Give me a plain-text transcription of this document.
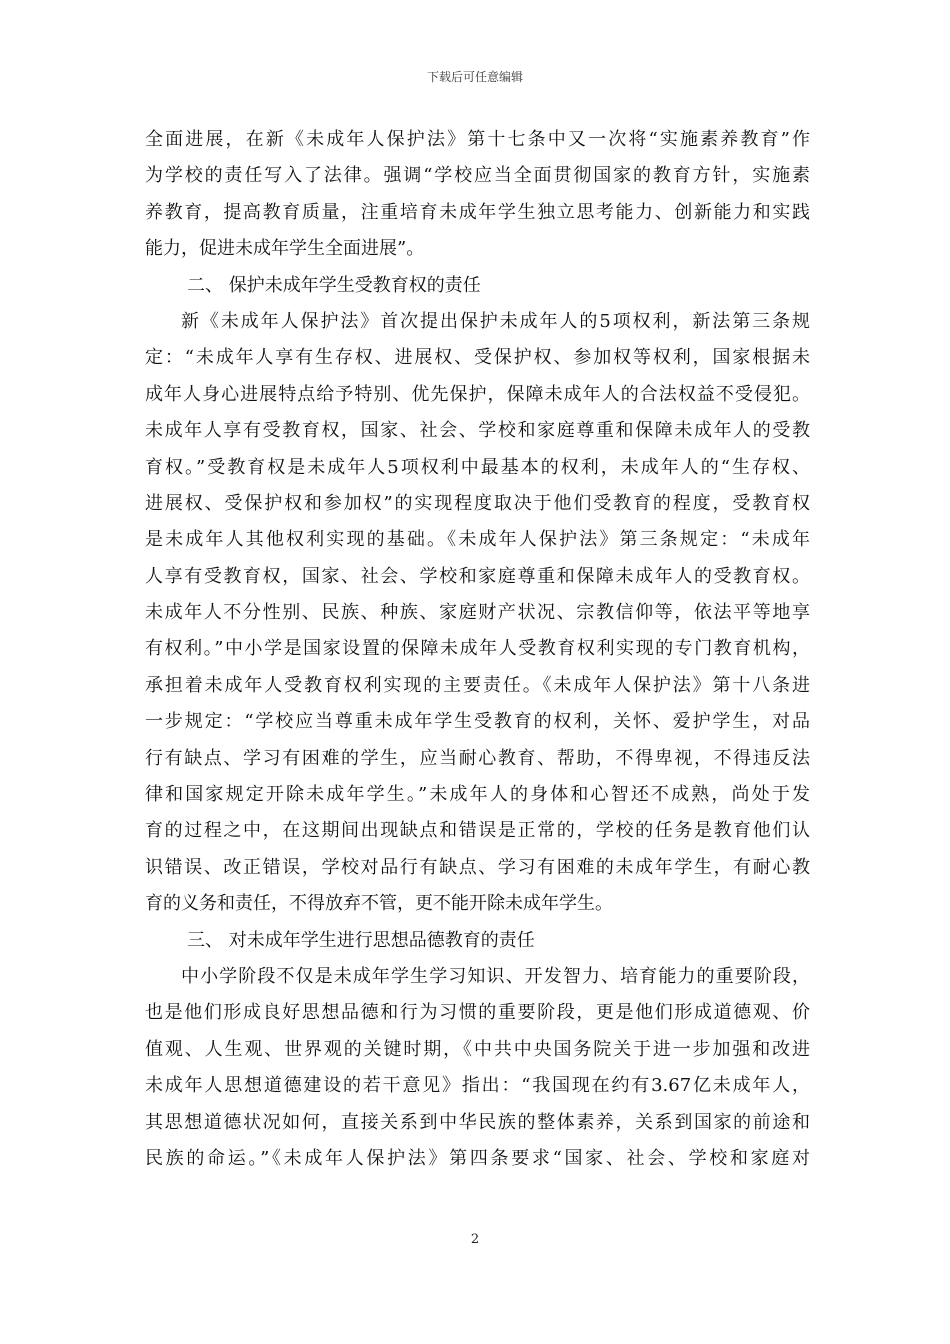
下载后可任意编辑
全面进展，在新《未成年人保护法》第十七条中又一次将“实施素养教育”作
为学校的责任写入了法律。强调“学校应当全面贯彻国家的教育方针，实施素
养教育，提高教育质量，注重培育未成年学生独立思考能力、创新能力和实践
能力，促进未成年学生全面进展”。
二、 保护未成年学生受教育权的责任
新《未成年人保护法》首次提出保护未成年人的5项权利，新法第三条规
定：“未成年人享有生存权、进展权、受保护权、参加权等权利，国家根据未
成年人身心进展特点给予特别、优先保护，保障未成年人的合法权益不受侵犯。
未成年人享有受教育权，国家、社会、学校和家庭尊重和保障未成年人的受教
育权。”受教育权是未成年人5项权利中最基本的权利，未成年人的“生存权、
进展权、受保护权和参加权”的实现程度取决于他们受教育的程度，受教育权
是未成年人其他权利实现的基础。《未成年人保护法》第三条规定：“未成年
人享有受教育权，国家、社会、学校和家庭尊重和保障未成年人的受教育权。
未成年人不分性别、民族、种族、家庭财产状况、宗教信仰等，依法平等地享
有权利。”中小学是国家设置的保障未成年人受教育权利实现的专门教育机构，
承担着未成年人受教育权利实现的主要责任。《未成年人保护法》第十八条进
一步规定：“学校应当尊重未成年学生受教育的权利，关怀、爱护学生，对品
行有缺点、学习有困难的学生，应当耐心教育、帮助，不得卑视，不得违反法
律和国家规定开除未成年学生。”未成年人的身体和心智还不成熟，尚处于发
育的过程之中，在这期间出现缺点和错误是正常的，学校的任务是教育他们认
识错误、改正错误，学校对品行有缺点、学习有困难的未成年学生，有耐心教
育的义务和责任，不得放弃不管，更不能开除未成年学生。
三、 对未成年学生进行思想品德教育的责任
中小学阶段不仅是未成年学生学习知识、开发智力、培育能力的重要阶段，
也是他们形成良好思想品德和行为习惯的重要阶段，更是他们形成道德观、价
值观、人生观、世界观的关键时期，《中共中央国务院关于进一步加强和改进
未成年人思想道德建设的若干意见》指出：“我国现在约有3.67亿未成年人，
其思想道德状况如何，直接关系到中华民族的整体素养，关系到国家的前途和
民族的命运。”《未成年人保护法》第四条要求“国家、社会、学校和家庭对
2
